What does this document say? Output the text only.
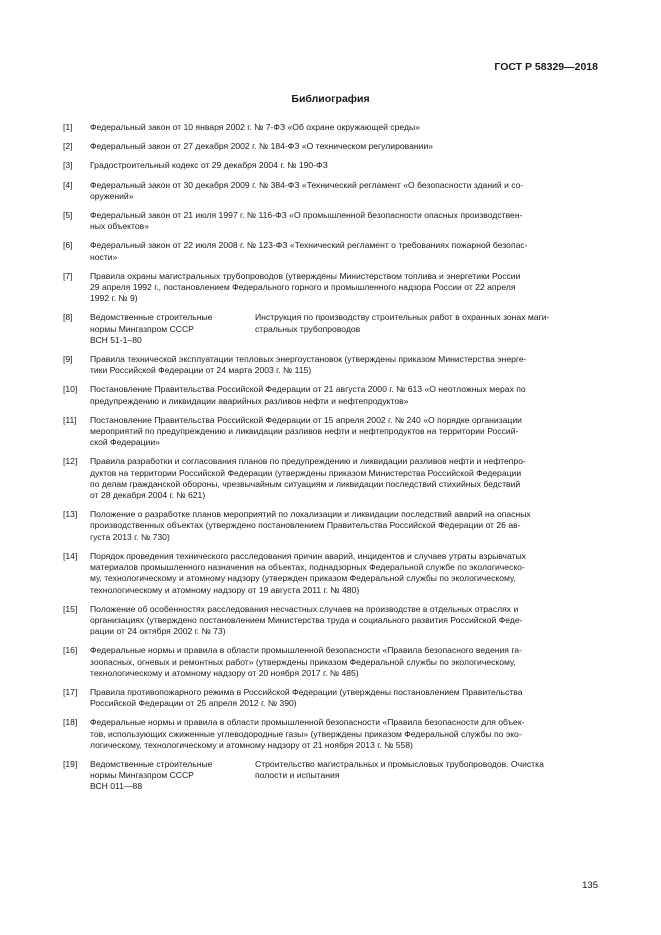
ГОСТ Р 58329—2018
Библиография
[1] Федеральный закон от 10 января 2002 г. № 7-ФЗ «Об охране окружающей среды»
[2] Федеральный закон от 27 декабря 2002 г. № 184-ФЗ «О техническом регулировании»
[3] Градостроительный кодекс от 29 декабря 2004 г. № 190-ФЗ
[4] Федеральный закон от 30 декабря 2009 г. № 384-ФЗ «Технический регламент «О безопасности зданий и со-
оружений»
[5] Федеральный закон от 21 июля 1997 г. № 116-ФЗ «О промышленной безопасности опасных производствен-
ных объектов»
[6] Федеральный закон от 22 июля 2008 г. № 123-ФЗ «Технический регламент о требованиях пожарной безопас-
ности»
[7] Правила охраны магистральных трубопроводов (утверждены Министерством топлива и энергетики России
29 апреля 1992 г., постановлением Федерального горного и промышленного надзора России от 22 апреля
1992 г. № 9)
[8] Ведомственные строительные
нормы Мингазпром СССР
ВСН 51-1–80
Инструкция по производству строительных работ в охранных зонах маги-
стральных трубопроводов
[9] Правила технической эксплуатации тепловых энергоустановок (утверждены приказом Министерства энерге-
тики Российской Федерации от 24 марта 2003 г. № 115)
[10] Постановление Правительства Российской Федерации от 21 августа 2000 г. № 613 «О неотложных мерах по
предупреждению и ликвидации аварийных разливов нефти и нефтепродуктов»
[11] Постановление Правительства Российской Федерации от 15 апреля 2002 г. № 240 «О порядке организации
мероприятий по предупреждению и ликвидации разливов нефти и нефтепродуктов на территории Россий-
ской Федерации»
[12] Правила разработки и согласования планов по предупреждению и ликвидации разливов нефти и нефтепро-
дуктов на территории Российской Федерации (утверждены приказом Министерства Российской Федерации
по делам гражданской обороны, чрезвычайным ситуациям и ликвидации последствий стихийных бедствий
от 28 декабря 2004 г. № 621)
[13] Положение о разработке планов мероприятий по локализации и ликвидации последствий аварий на опасных
производственных объектах (утверждено постановлением Правительства Российской Федерации от 26 ав-
густа 2013 г. № 730)
[14] Порядок проведения технического расследования причин аварий, инцидентов и случаев утраты взрывчатых
материалов промышленного назначения на объектах, поднадзорных Федеральной службе по экологическо-
му, технологическому и атомному надзору (утвержден приказом Федеральной службы по экологическому,
технологическому и атомному надзору от 19 августа 2011 г. № 480)
[15] Положение об особенностях расследования несчастных случаев на производстве в отдельных отраслях и
организациях (утверждено постановлением Министерства труда и социального развития Российской Феде-
рации от 24 октября 2002 г. № 73)
[16] Федеральные нормы и правила в области промышленной безопасности «Правила безопасного ведения га-
зоопасных, огневых и ремонтных работ» (утверждены приказом Федеральной службы по экологическому,
технологическому и атомному надзору от 20 ноября 2017 г. № 485)
[17] Правила противопожарного режима в Российской Федерации (утверждены постановлением Правительства
Российской Федерации от 25 апреля 2012 г. № 390)
[18] Федеральные нормы и правила в области промышленной безопасности «Правила безопасности для объек-
тов, использующих сжиженные углеводородные газы» (утверждены приказом Федеральной службы по эко-
логическому, технологическому и атомному надзору от 21 ноября 2013 г. № 558)
[19] Ведомственные строительные
нормы Мингазпром СССР
ВСН 011—88
Строительство магистральных и промысловых трубопроводов. Очистка
полости и испытания
135
